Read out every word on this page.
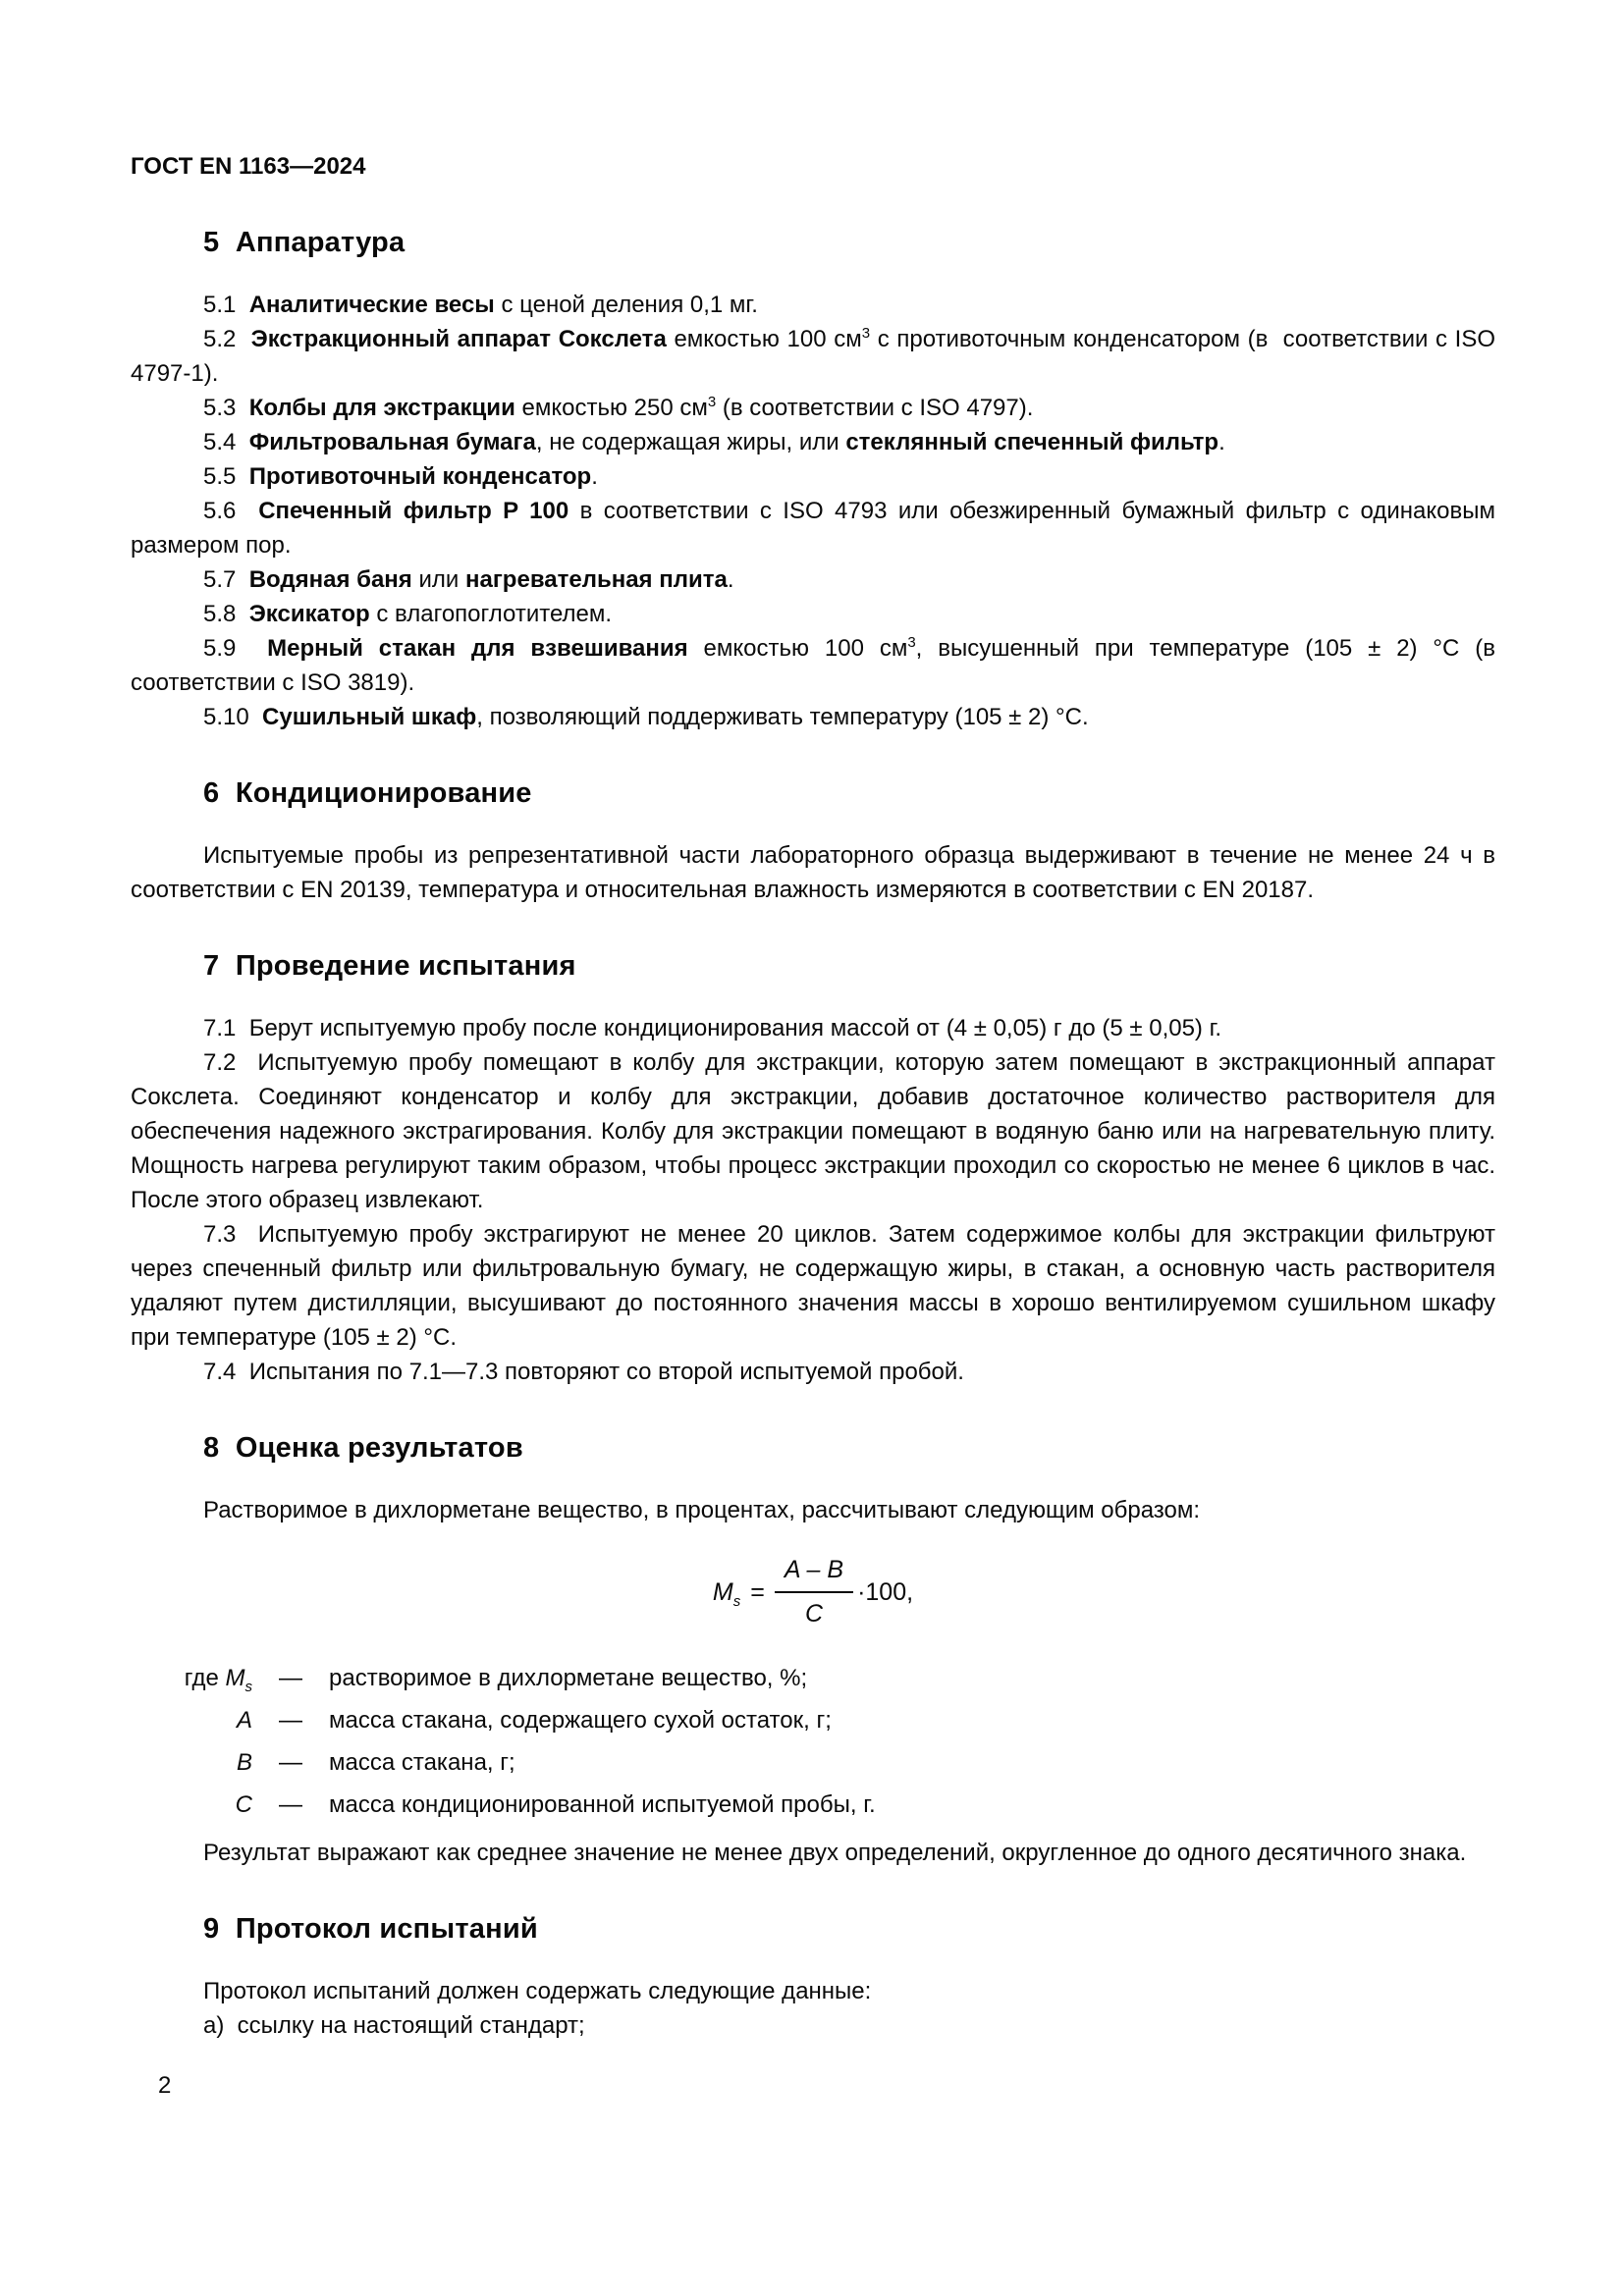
ГОСТ EN 1163—2024

5  Аппаратура

5.1  Аналитические весы с ценой деления 0,1 мг.

5.2  Экстракционный аппарат Сокслета емкостью 100 $см^3$ с противоточным конденсатором (в  соответствии с ISO 4797-1).

5.3  Колбы для экстракции емкостью 250 $см^3$ (в соответствии с ISO 4797).

5.4  Фильтровальная бумага, не содержащая жиры, или стеклянный спеченный фильтр.

5.5  Противоточный конденсатор.

5.6  Спеченный фильтр P 100 в соответствии с ISO 4793 или обезжиренный бумажный фильтр с одинаковым размером пор.

5.7  Водяная баня или нагревательная плита.

5.8  Эксикатор с влагопоглотителем.

5.9  Мерный стакан для взвешивания емкостью 100 $см^3$, высушенный при температуре (105 ± 2) °C (в соответствии с ISO 3819).

5.10  Сушильный шкаф, позволяющий поддерживать температуру (105 ± 2) °C.

6  Кондиционирование

Испытуемые пробы из репрезентативной части лабораторного образца выдерживают в течение не менее 24 ч в соответствии с EN 20139, температура и относительная влажность измеряются в соответствии с EN 20187.

7  Проведение испытания

7.1  Берут испытуемую пробу после кондиционирования массой от (4 ± 0,05) г до (5 ± 0,05) г.

7.2  Испытуемую пробу помещают в колбу для экстракции, которую затем помещают в экстракционный аппарат Сокслета. Соединяют конденсатор и колбу для экстракции, добавив достаточное количество растворителя для обеспечения надежного экстрагирования. Колбу для экстракции помещают в водяную баню или на нагревательную плиту. Мощность нагрева регулируют таким образом, чтобы процесс экстракции проходил со скоростью не менее 6 циклов в час. После этого образец извлекают.

7.3  Испытуемую пробу экстрагируют не менее 20 циклов. Затем содержимое колбы для экстракции фильтруют через спеченный фильтр или фильтровальную бумагу, не содержащую жиры, в стакан, а основную часть растворителя удаляют путем дистилляции, высушивают до постоянного значения массы в хорошо вентилируемом сушильном шкафу при температуре (105 ± 2) °C.

7.4  Испытания по 7.1—7.3 повторяют со второй испытуемой пробой.

8  Оценка результатов

Растворимое в дихлорметане вещество, в процентах, рассчитывают следующим образом:

$M_s = \frac{A - B}{C} \cdot 100$,
где $M_s$	—	растворимое в дихлорметане вещество, %;
A	—	масса стакана, содержащего сухой остаток, г;
B	—	масса стакана, г;
C	—	масса кондиционированной испытуемой пробы, г.

Результат выражают как среднее значение не менее двух определений, округленное до одного десятичного знака.

9  Протокол испытаний

Протокол испытаний должен содержать следующие данные:

а)  ссылку на настоящий стандарт;

2
